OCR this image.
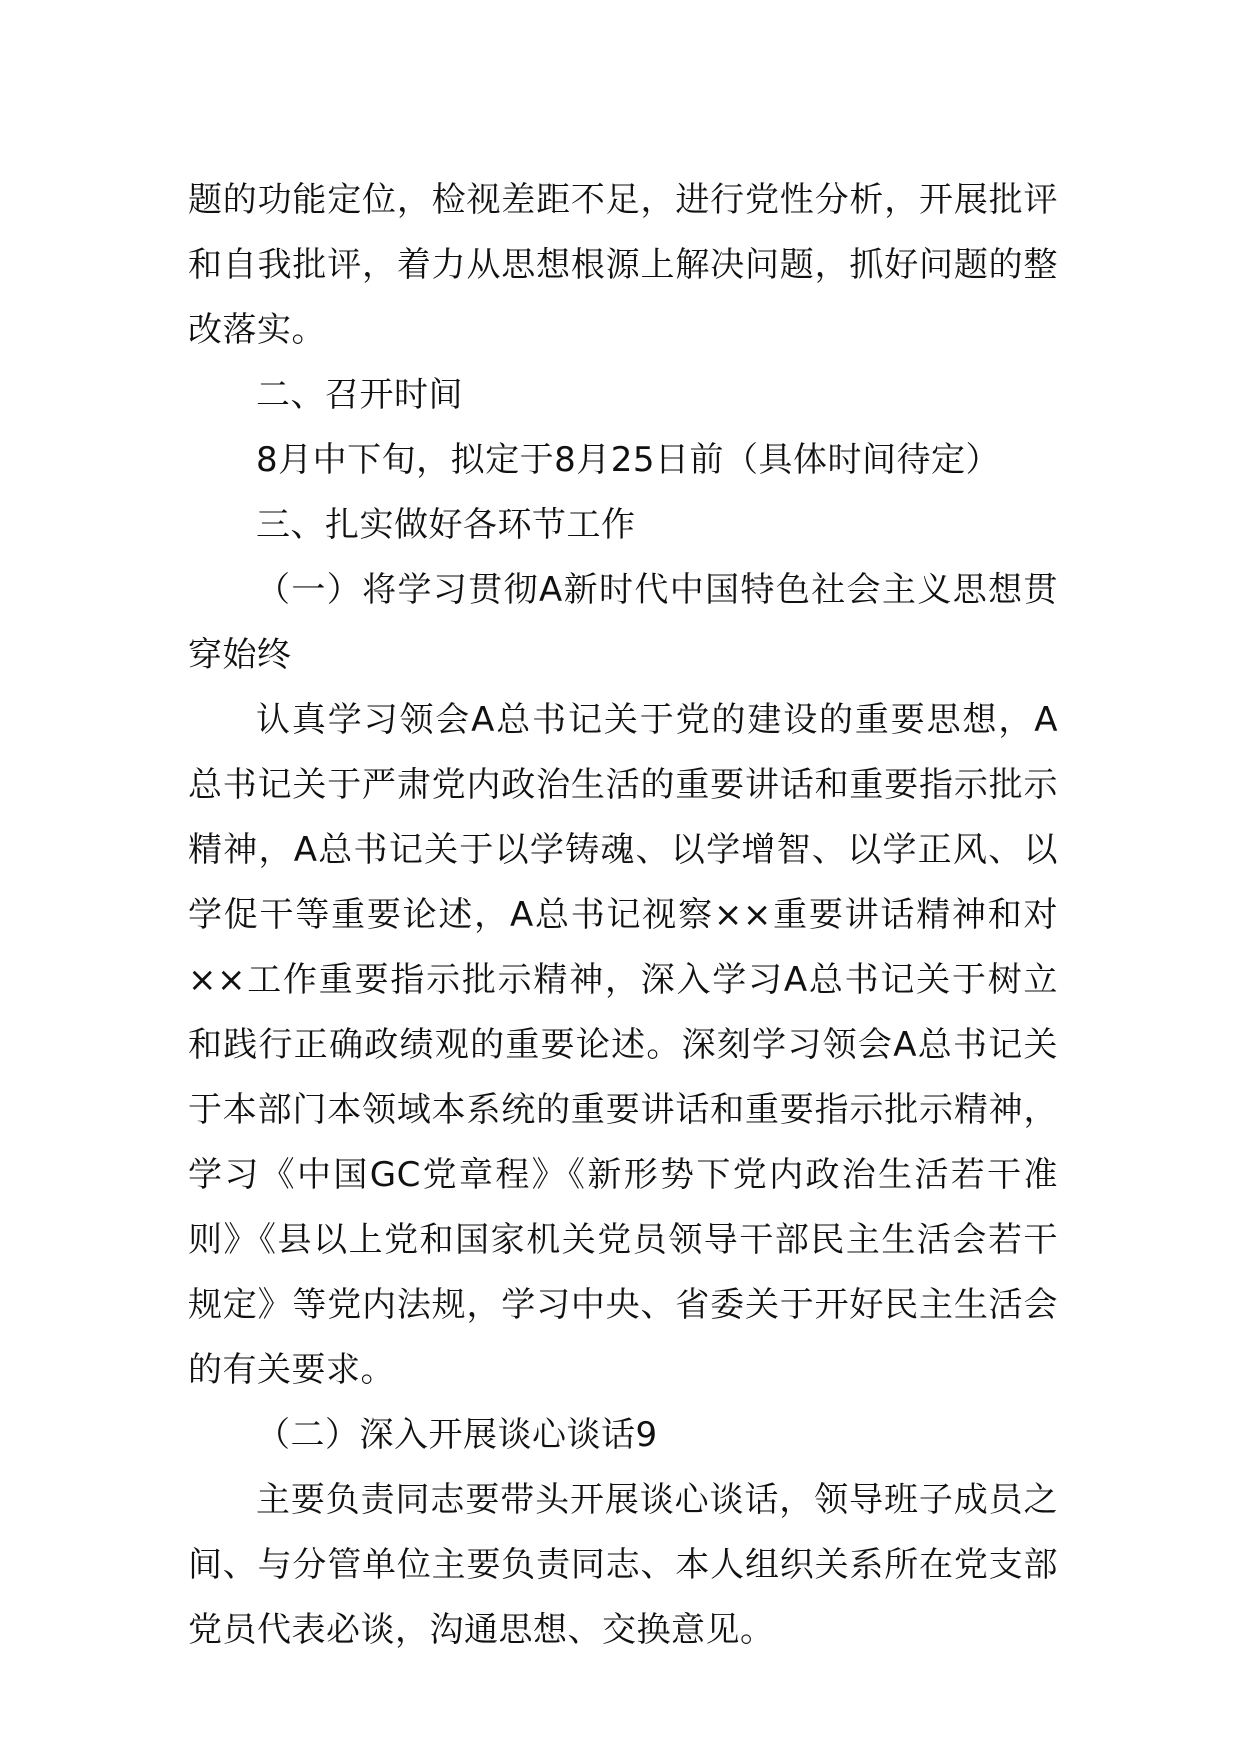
题的功能定位，检视差距不足，进行党性分析，开展批评和自我批评，着力从思想根源上解决问题，抓好问题的整改落实。

二、召开时间

8月中下旬，拟定于8月25日前（具体时间待定）

三、扎实做好各环节工作

（一）将学习贯彻A新时代中国特色社会主义思想贯穿始终

认真学习领会A总书记关于党的建设的重要思想，A总书记关于严肃党内政治生活的重要讲话和重要指示批示精神，A总书记关于以学铸魂、以学增智、以学正风、以学促干等重要论述，A总书记视察××重要讲话精神和对××工作重要指示批示精神，深入学习A总书记关于树立和践行正确政绩观的重要论述。深刻学习领会A总书记关于本部门本领域本系统的重要讲话和重要指示批示精神，学习《中国GC党章程》《新形势下党内政治生活若干准则》《县以上党和国家机关党员领导干部民主生活会若干规定》等党内法规，学习中央、省委关于开好民主生活会的有关要求。

（二）深入开展谈心谈话9

主要负责同志要带头开展谈心谈话，领导班子成员之间、与分管单位主要负责同志、本人组织关系所在党支部党员代表必谈，沟通思想、交换意见。
